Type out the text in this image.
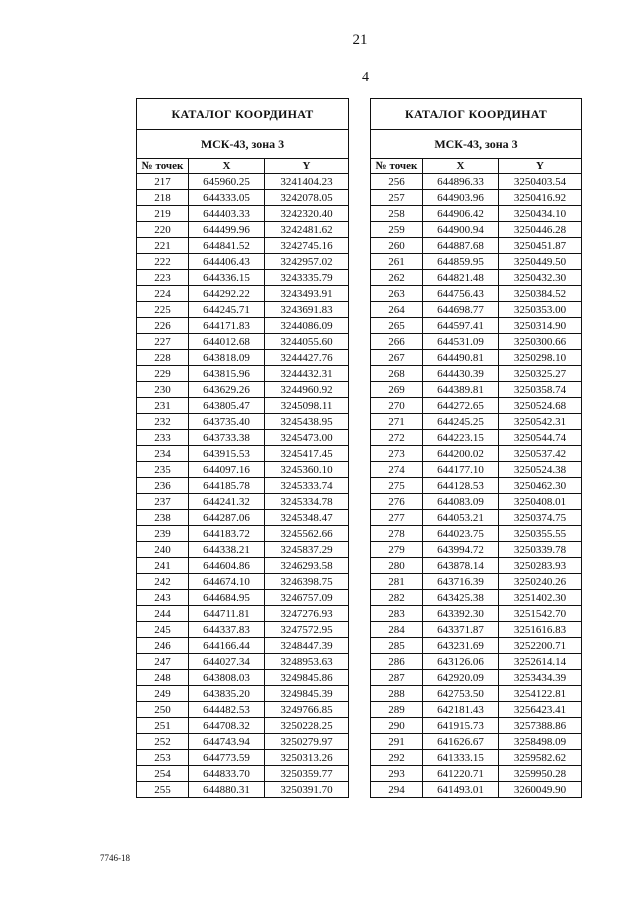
21
4
КАТАЛОГ КООРДИНАТ		
МСК-43, зона 3		
№ точек	X	Y
217	645960.25	3241404.23
218	644333.05	3242078.05
219	644403.33	3242320.40
220	644499.96	3242481.62
221	644841.52	3242745.16
222	644406.43	3242957.02
223	644336.15	3243335.79
224	644292.22	3243493.91
225	644245.71	3243691.83
226	644171.83	3244086.09
227	644012.68	3244055.60
228	643818.09	3244427.76
229	643815.96	3244432.31
230	643629.26	3244960.92
231	643805.47	3245098.11
232	643735.40	3245438.95
233	643733.38	3245473.00
234	643915.53	3245417.45
235	644097.16	3245360.10
236	644185.78	3245333.74
237	644241.32	3245334.78
238	644287.06	3245348.47
239	644183.72	3245562.66
240	644338.21	3245837.29
241	644604.86	3246293.58
242	644674.10	3246398.75
243	644684.95	3246757.09
244	644711.81	3247276.93
245	644337.83	3247572.95
246	644166.44	3248447.39
247	644027.34	3248953.63
248	643808.03	3249845.86
249	643835.20	3249845.39
250	644482.53	3249766.85
251	644708.32	3250228.25
252	644743.94	3250279.97
253	644773.59	3250313.26
254	644833.70	3250359.77
255	644880.31	3250391.70
КАТАЛОГ КООРДИНАТ		
МСК-43, зона 3		
№ точек	X	Y
256	644896.33	3250403.54
257	644903.96	3250416.92
258	644906.42	3250434.10
259	644900.94	3250446.28
260	644887.68	3250451.87
261	644859.95	3250449.50
262	644821.48	3250432.30
263	644756.43	3250384.52
264	644698.77	3250353.00
265	644597.41	3250314.90
266	644531.09	3250300.66
267	644490.81	3250298.10
268	644430.39	3250325.27
269	644389.81	3250358.74
270	644272.65	3250524.68
271	644245.25	3250542.31
272	644223.15	3250544.74
273	644200.02	3250537.42
274	644177.10	3250524.38
275	644128.53	3250462.30
276	644083.09	3250408.01
277	644053.21	3250374.75
278	644023.75	3250355.55
279	643994.72	3250339.78
280	643878.14	3250283.93
281	643716.39	3250240.26
282	643425.38	3251402.30
283	643392.30	3251542.70
284	643371.87	3251616.83
285	643231.69	3252200.71
286	643126.06	3252614.14
287	642920.09	3253434.39
288	642753.50	3254122.81
289	642181.43	3256423.41
290	641915.73	3257388.86
291	641626.67	3258498.09
292	641333.15	3259582.62
293	641220.71	3259950.28
294	641493.01	3260049.90
7746-18
